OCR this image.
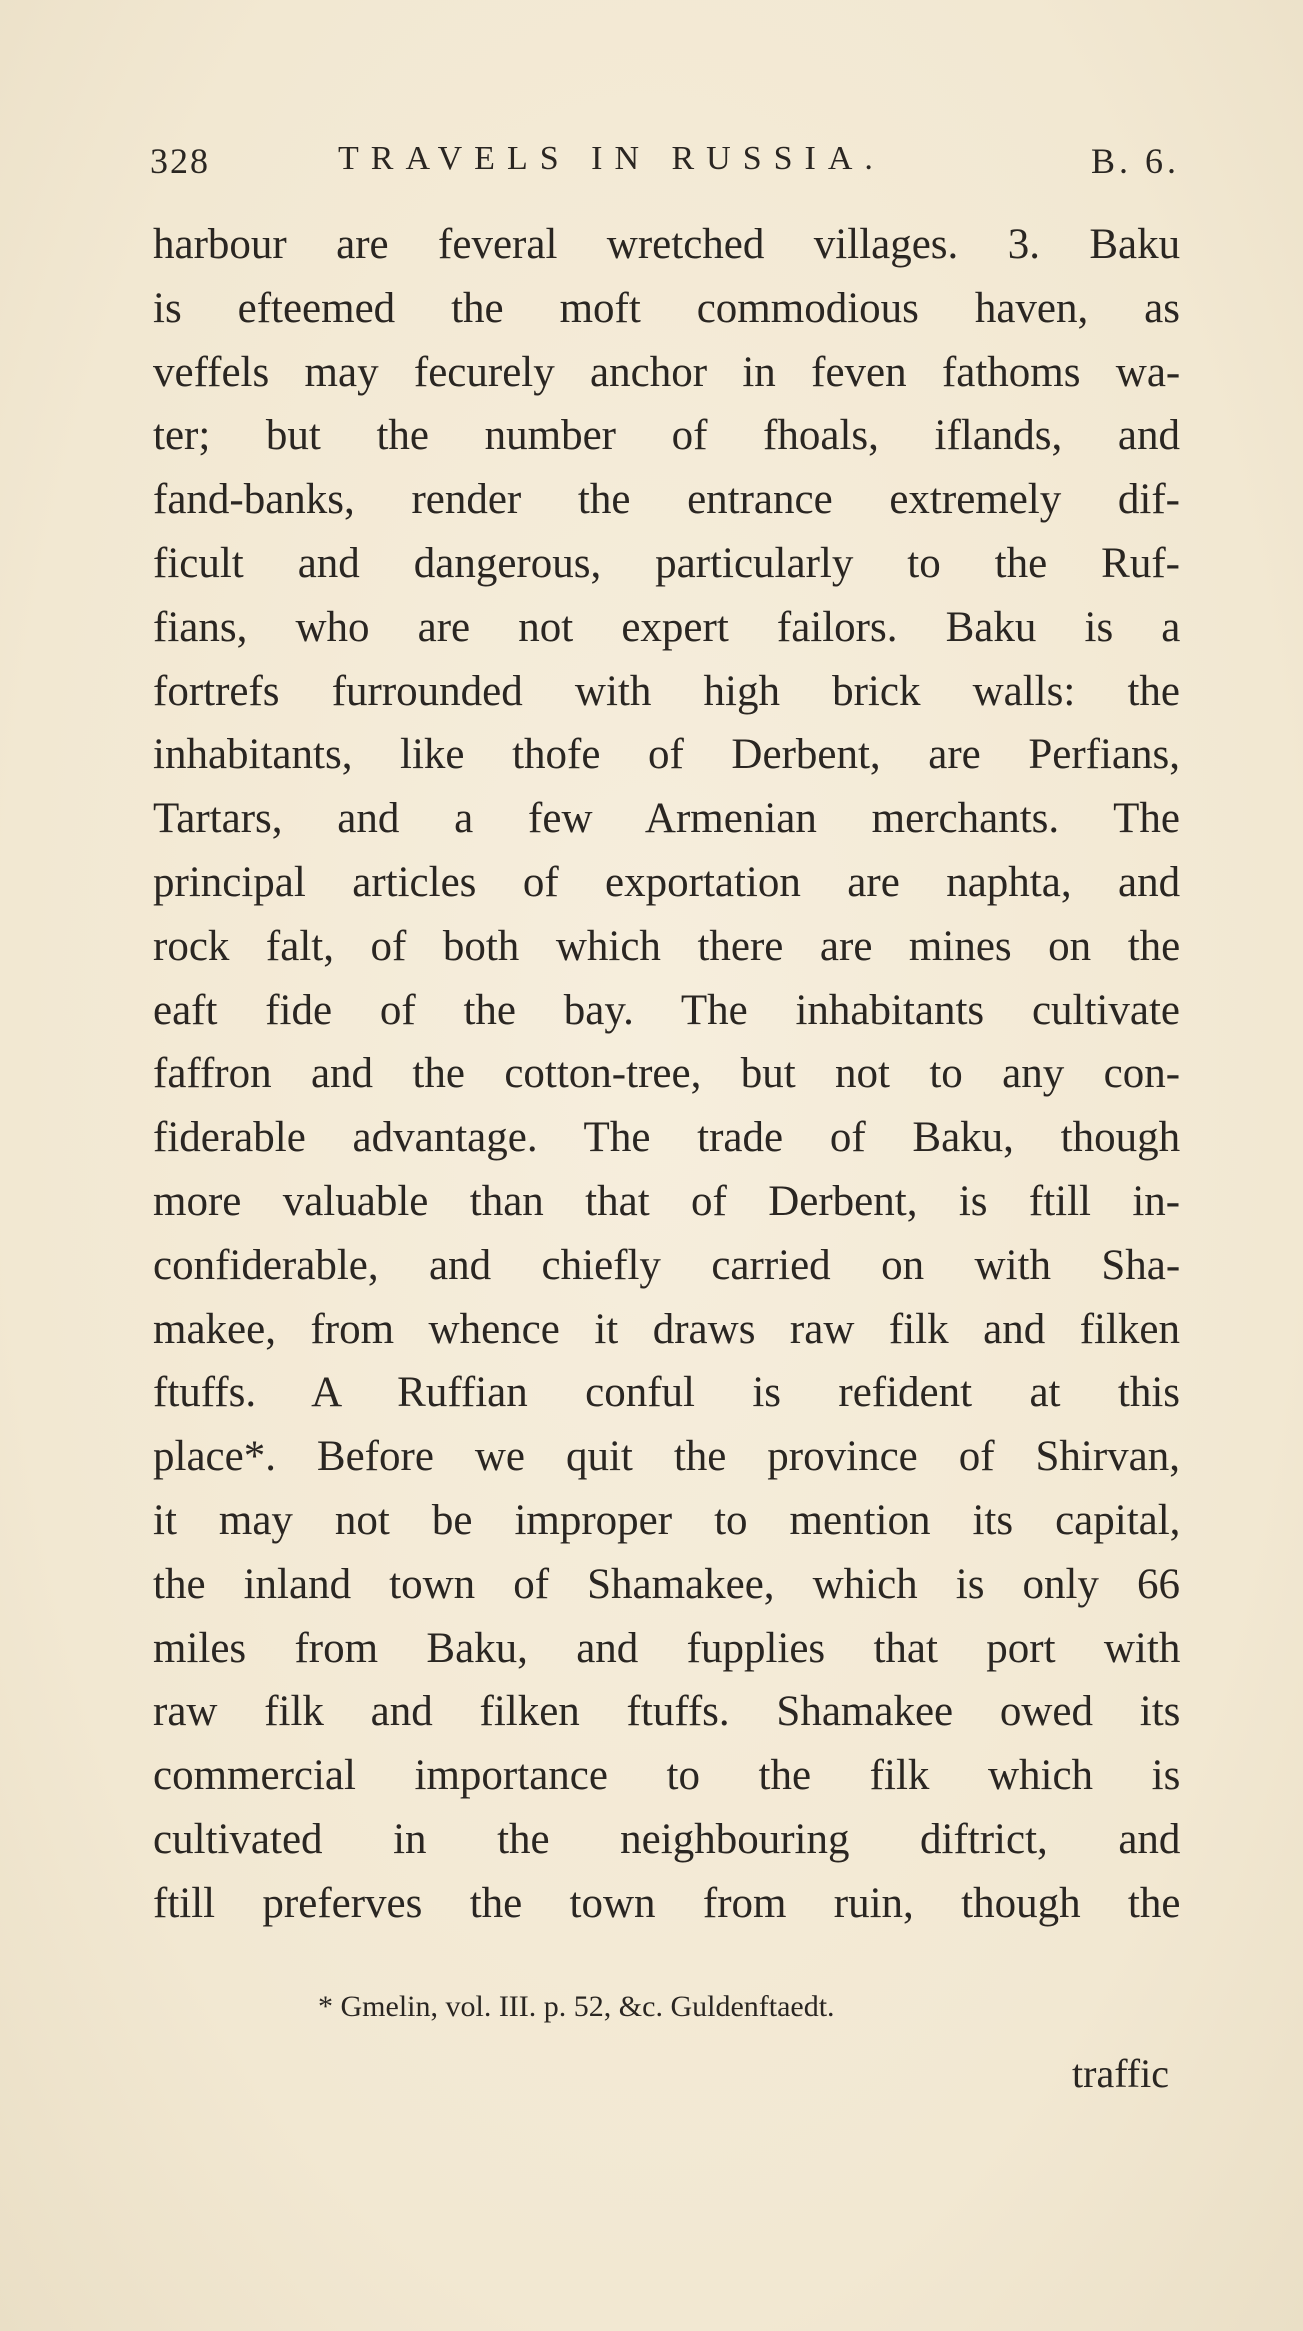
328	TRAVELS IN RUSSIA.	B. 6.
harbour are feveral wretched villages. 3. Baku
is efteemed the moft commodious haven, as
veffels may fecurely anchor in feven fathoms wa-
ter; but the number of fhoals, iflands, and
fand-banks, render the entrance extremely dif-
ficult and dangerous, particularly to the Ruf-
fians, who are not expert failors. Baku is a
fortrefs furrounded with high brick walls: the
inhabitants, like thofe of Derbent, are Perfians,
Tartars, and a few Armenian merchants. The
principal articles of exportation are naphta, and
rock falt, of both which there are mines on the
eaft fide of the bay. The inhabitants cultivate
faffron and the cotton-tree, but not to any con-
fiderable advantage. The trade of Baku, though
more valuable than that of Derbent, is ftill in-
confiderable, and chiefly carried on with Sha-
makee, from whence it draws raw filk and filken
ftuffs. A Ruffian conful is refident at this
place*. Before we quit the province of Shirvan,
it may not be improper to mention its capital,
the inland town of Shamakee, which is only 66
miles from Baku, and fupplies that port with
raw filk and filken ftuffs. Shamakee owed its
commercial importance to the filk which is
cultivated in the neighbouring diftrict, and
ftill preferves the town from ruin, though the
* Gmelin, vol. III. p. 52, &c. Guldenftaedt.
traffic
